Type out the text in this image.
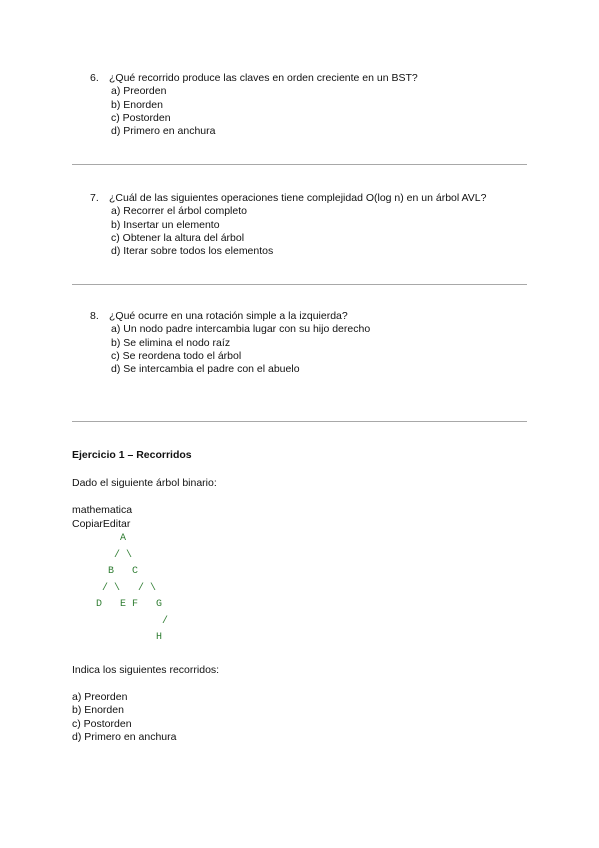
6. ¿Qué recorrido produce las claves en orden creciente en un BST?
a) Preorden
b) Enorden
c) Postorden
d) Primero en anchura
7. ¿Cuál de las siguientes operaciones tiene complejidad O(log n) en un árbol AVL?
a) Recorrer el árbol completo
b) Insertar un elemento
c) Obtener la altura del árbol
d) Iterar sobre todos los elementos
8. ¿Qué ocurre en una rotación simple a la izquierda?
a) Un nodo padre intercambia lugar con su hijo derecho
b) Se elimina el nodo raíz
c) Se reordena todo el árbol
d) Se intercambia el padre con el abuelo
Ejercicio 1 – Recorridos
Dado el siguiente árbol binario:
mathematica
CopiarEditar
A
/ \
B   C
/ \   / \
D   E F   G
/
H
Indica los siguientes recorridos:
a) Preorden
b) Enorden
c) Postorden
d) Primero en anchura
